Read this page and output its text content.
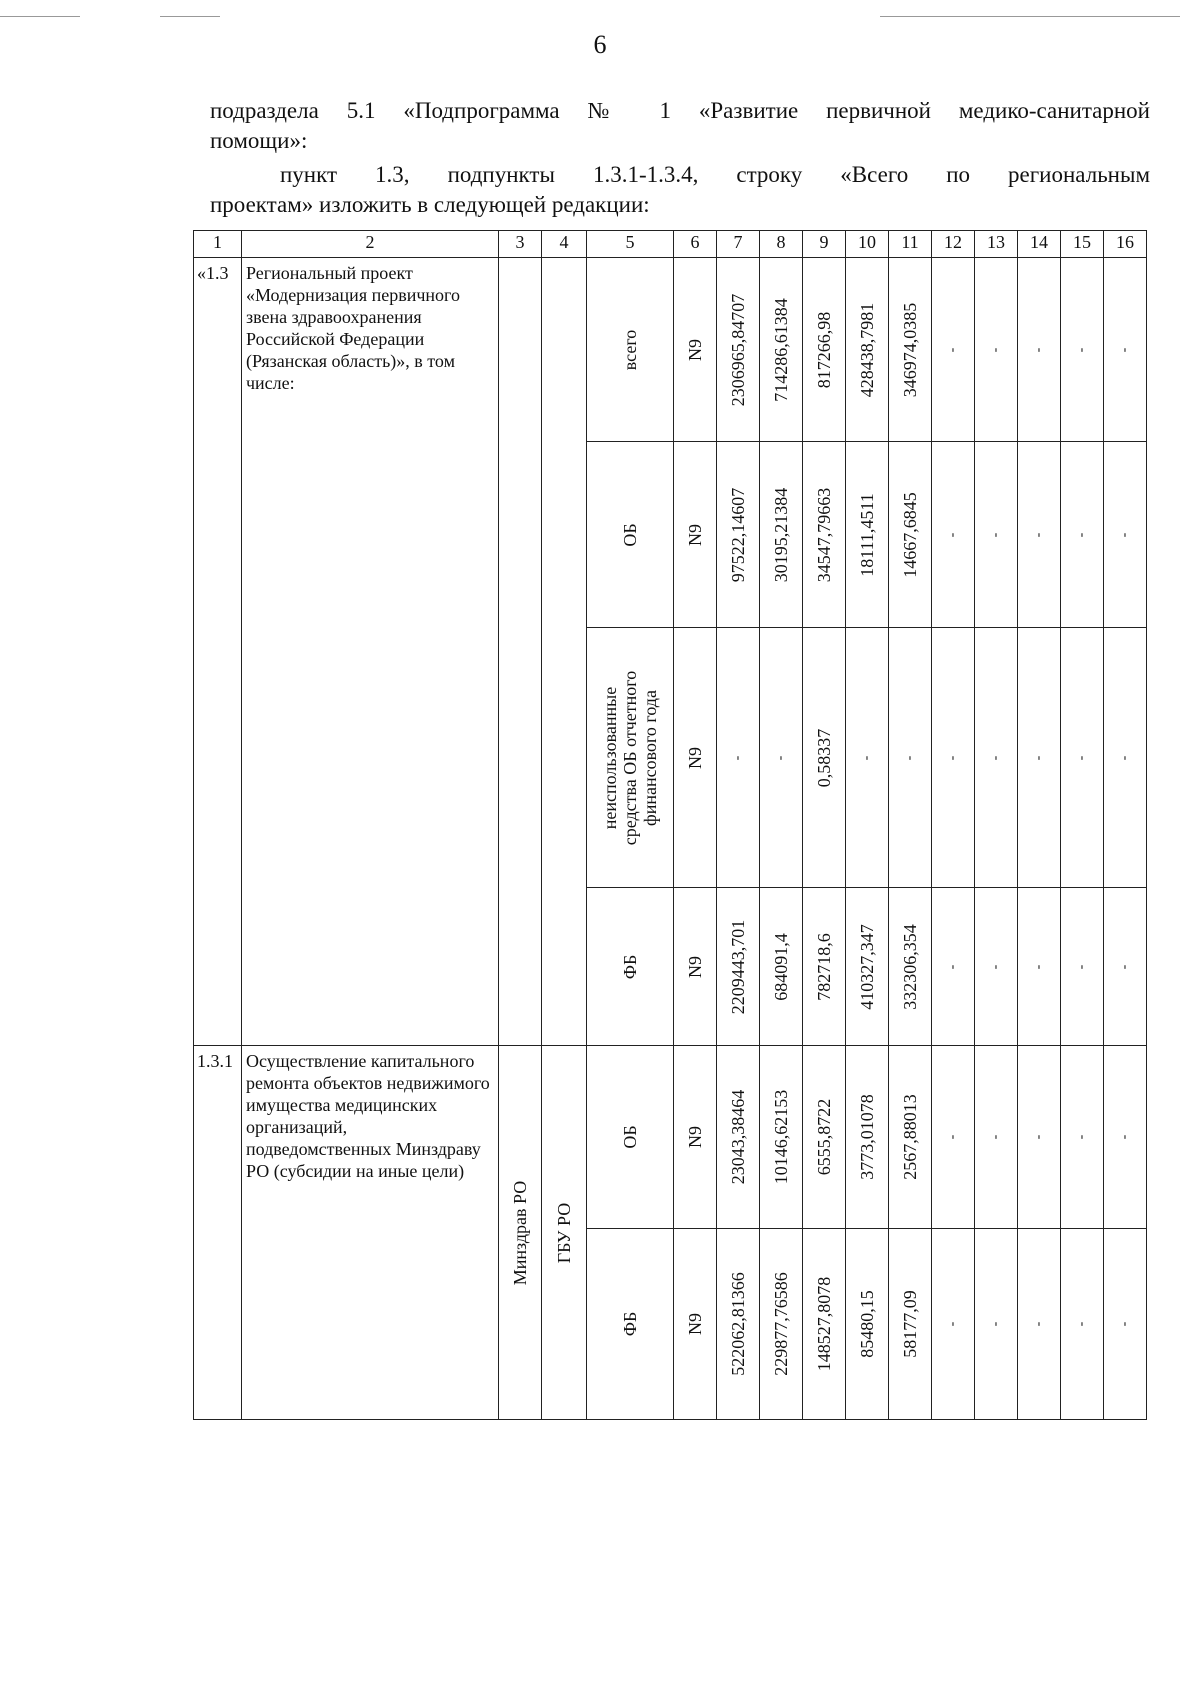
6
подраздела 5.1 «Подпрограмма № 1 «Развитие первичной медико-санитарной
помощи»:
пункт 1.3, подпункты 1.3.1-1.3.4, строку «Всего по региональным
проектам» изложить в следующей редакции:
1	2	3	4	5	6	7	8	9	10	11	12	13	14	15	16
«1.3	Региональный проект «Модернизация первичного звена здравоохранения Российской Федерации (Рязанская область)», в том числе:			всего	N9	2306965,84707	714286,61384	817266,98	428438,7981	346974,0385	-	-	-	-	-

				ОБ	N9	97522,14607	30195,21384	34547,79663	18111,4511	14667,6845	-	-	-	-	-

				неиспользованные средства ОБ отчетного финансового года	N9	-	-	0,58337	-	-	-	-	-	-	-

				ФБ	N9	2209443,701	684091,4	782718,6	410327,347	332306,354	-	-	-	-	-

1.3.1	Осуществление капитального ремонта объектов недвижимого имущества медицинских организаций, подведомственных Минздраву РО (субсидии на иные цели)	Минздрав РО	ГБУ РО	ОБ	N9	23043,38464	10146,62153	6555,8722	3773,01078	2567,88013	-	-	-	-	-

				ФБ	N9	522062,81366	229877,76586	148527,8078	85480,15	58177,09	-	-	-	-	-
